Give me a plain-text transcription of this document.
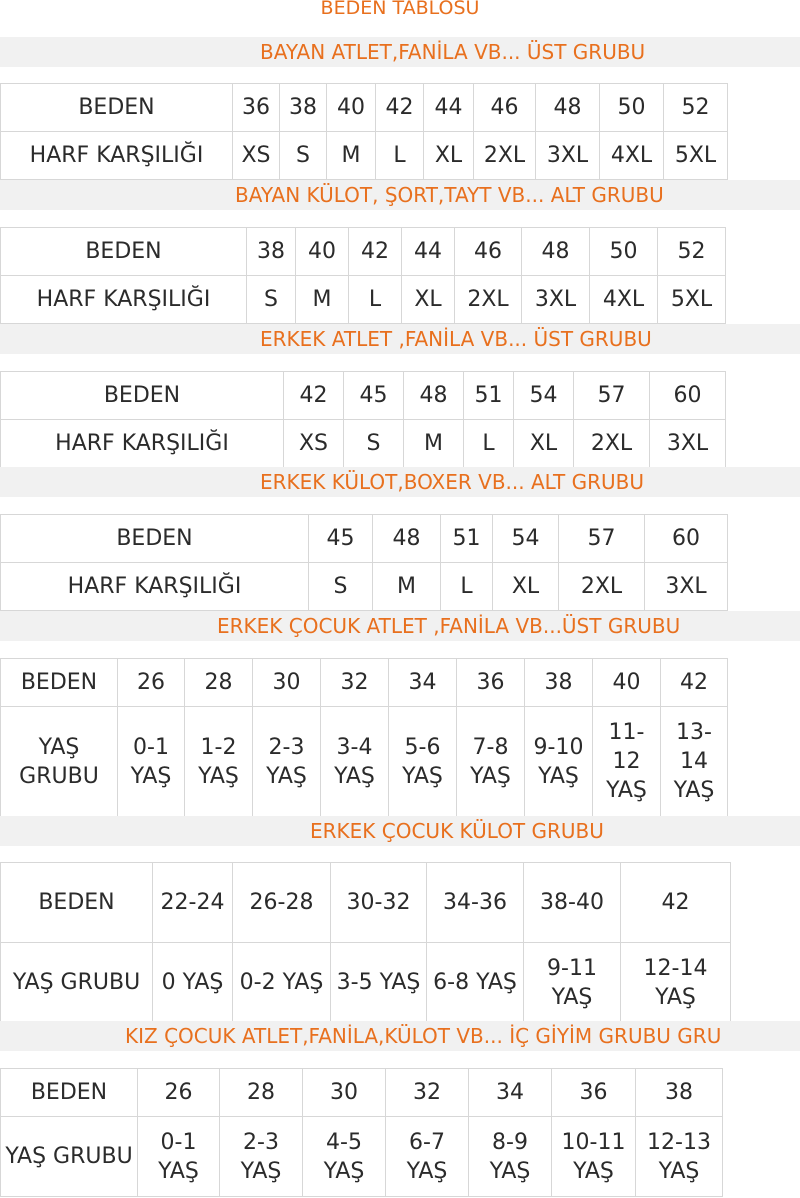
BEDEN TABLOSU
BAYAN ATLET,FANİLA VB... ÜST GRUBU
BEDEN	36	38	40	42	44	46	48	50	52
HARF KARŞILIĞI	XS	S	M	L	XL	2XL	3XL	4XL	5XL
BAYAN KÜLOT, ŞORT,TAYT VB... ALT GRUBU
BEDEN	38	40	42	44	46	48	50	52
HARF KARŞILIĞI	S	M	L	XL	2XL	3XL	4XL	5XL
ERKEK ATLET ,FANİLA VB... ÜST GRUBU
BEDEN	42	45	48	51	54	57	60
HARF KARŞILIĞI	XS	S	M	L	XL	2XL	3XL
ERKEK KÜLOT,BOXER VB... ALT GRUBU
BEDEN	45	48	51	54	57	60
HARF KARŞILIĞI	S	M	L	XL	2XL	3XL
ERKEK ÇOCUK ATLET ,FANİLA VB...ÜST GRUBU
BEDEN	26	28	30	32	34	36	38	40	42
YAŞ GRUBU	0-1 YAŞ	1-2 YAŞ	2-3 YAŞ	3-4 YAŞ	5-6 YAŞ	7-8 YAŞ	9-10 YAŞ	11-12 YAŞ	13-14 YAŞ
ERKEK ÇOCUK KÜLOT GRUBU
BEDEN	22-24	26-28	30-32	34-36	38-40	42
YAŞ GRUBU	0 YAŞ	0-2 YAŞ	3-5 YAŞ	6-8 YAŞ	9-11 YAŞ	12-14 YAŞ
KIZ ÇOCUK ATLET,FANİLA,KÜLOT VB... İÇ GİYİM GRUBU GRU
BEDEN	26	28	30	32	34	36	38
YAŞ GRUBU	0-1 YAŞ	2-3 YAŞ	4-5 YAŞ	6-7 YAŞ	8-9 YAŞ	10-11 YAŞ	12-13 YAŞ
